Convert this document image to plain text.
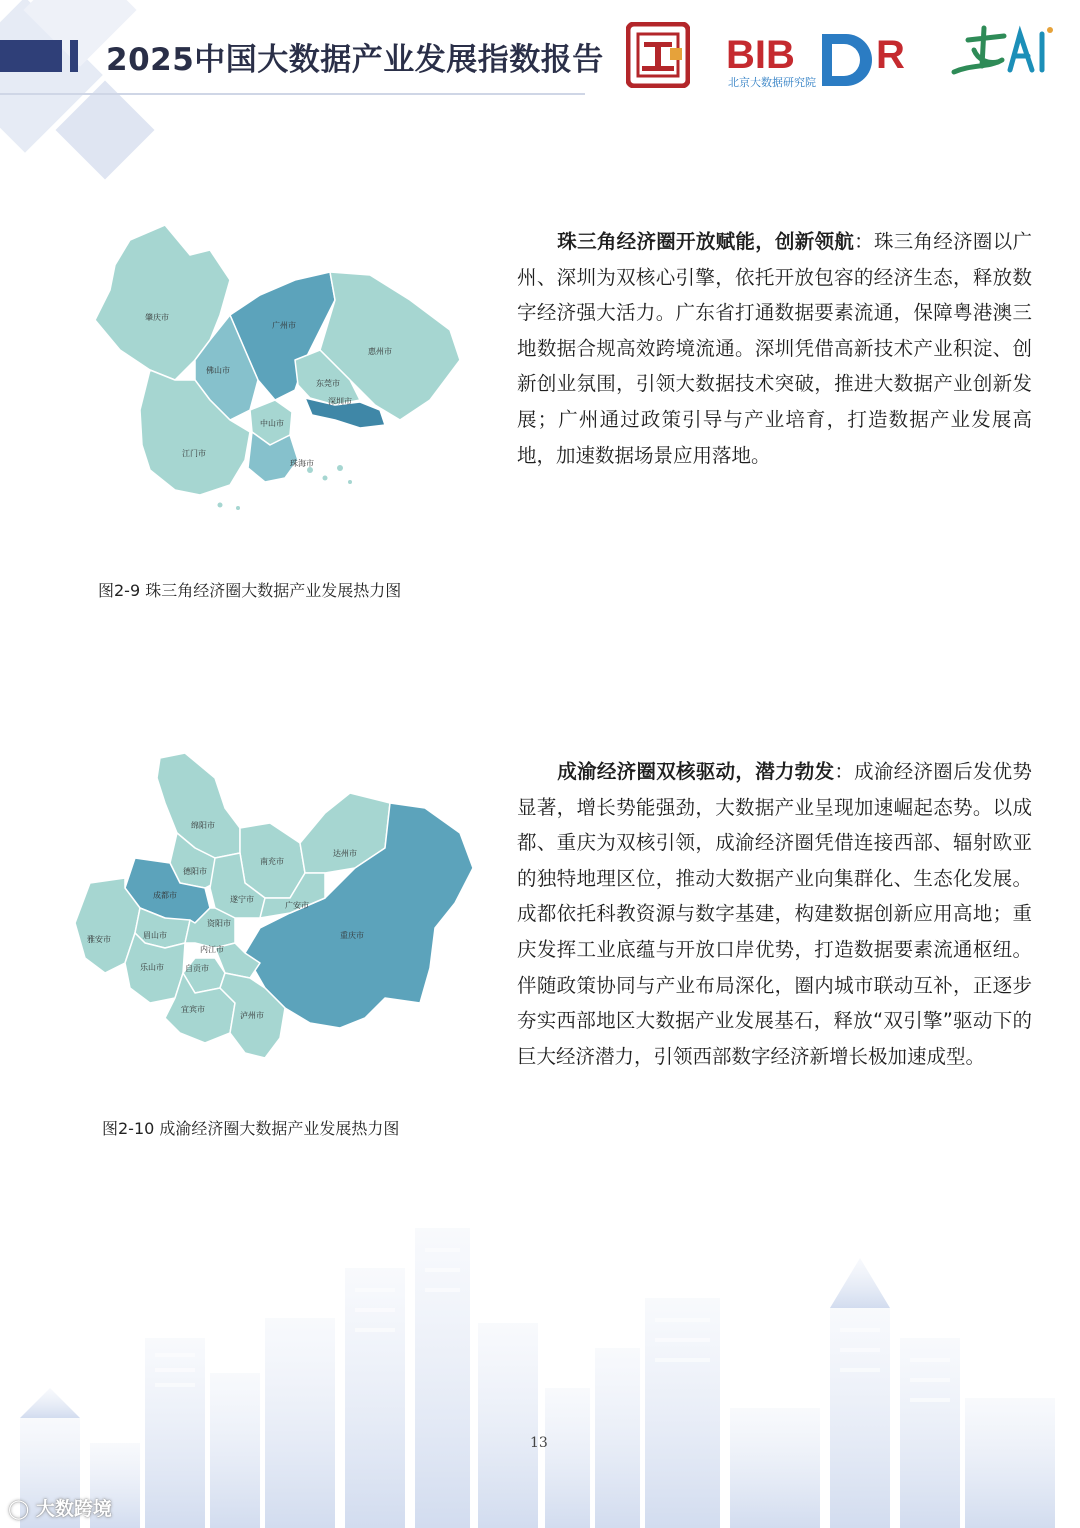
2025中国大数据产业发展指数报告	BIB R
北京大数据研究院
肇庆市
广州市
惠州市
佛山市
东莞市
深圳市
中山市
江门市
珠海市
珠三角经济圈开放赋能，创新领航：珠三角经济圈以广州、深圳为双核心引擎，依托开放包容的经济生态，释放数字经济强大活力。广东省打通数据要素流通，保障粤港澳三地数据合规高效跨境流通。深圳凭借高新技术产业积淀、创新创业氛围，引领大数据技术突破，推进大数据产业创新发展；广州通过政策引导与产业培育，打造数据产业发展高地，加速数据场景应用落地。
图2-9 珠三角经济圈大数据产业发展热力图
绵阳市
德阳市
南充市
达州市
成都市	遂宁市
广安市
雅安市	眉山市
资阳市
重庆市
内江市
乐山市	自贡市
宜宾市
泸州市
成渝经济圈双核驱动，潜力勃发：成渝经济圈后发优势显著，增长势能强劲，大数据产业呈现加速崛起态势。以成都、重庆为双核引领，成渝经济圈凭借连接西部、辐射欧亚的独特地理区位，推动大数据产业向集群化、生态化发展。成都依托科教资源与数字基建，构建数据创新应用高地；重庆发挥工业底蕴与开放口岸优势，打造数据要素流通枢纽。伴随政策协同与产业布局深化，圈内城市联动互补，正逐步夯实西部地区大数据产业发展基石，释放“双引擎”驱动下的巨大经济潜力，引领西部数字经济新增长极加速成型。
图2-10 成渝经济圈大数据产业发展热力图
13
◯ 大数跨境
